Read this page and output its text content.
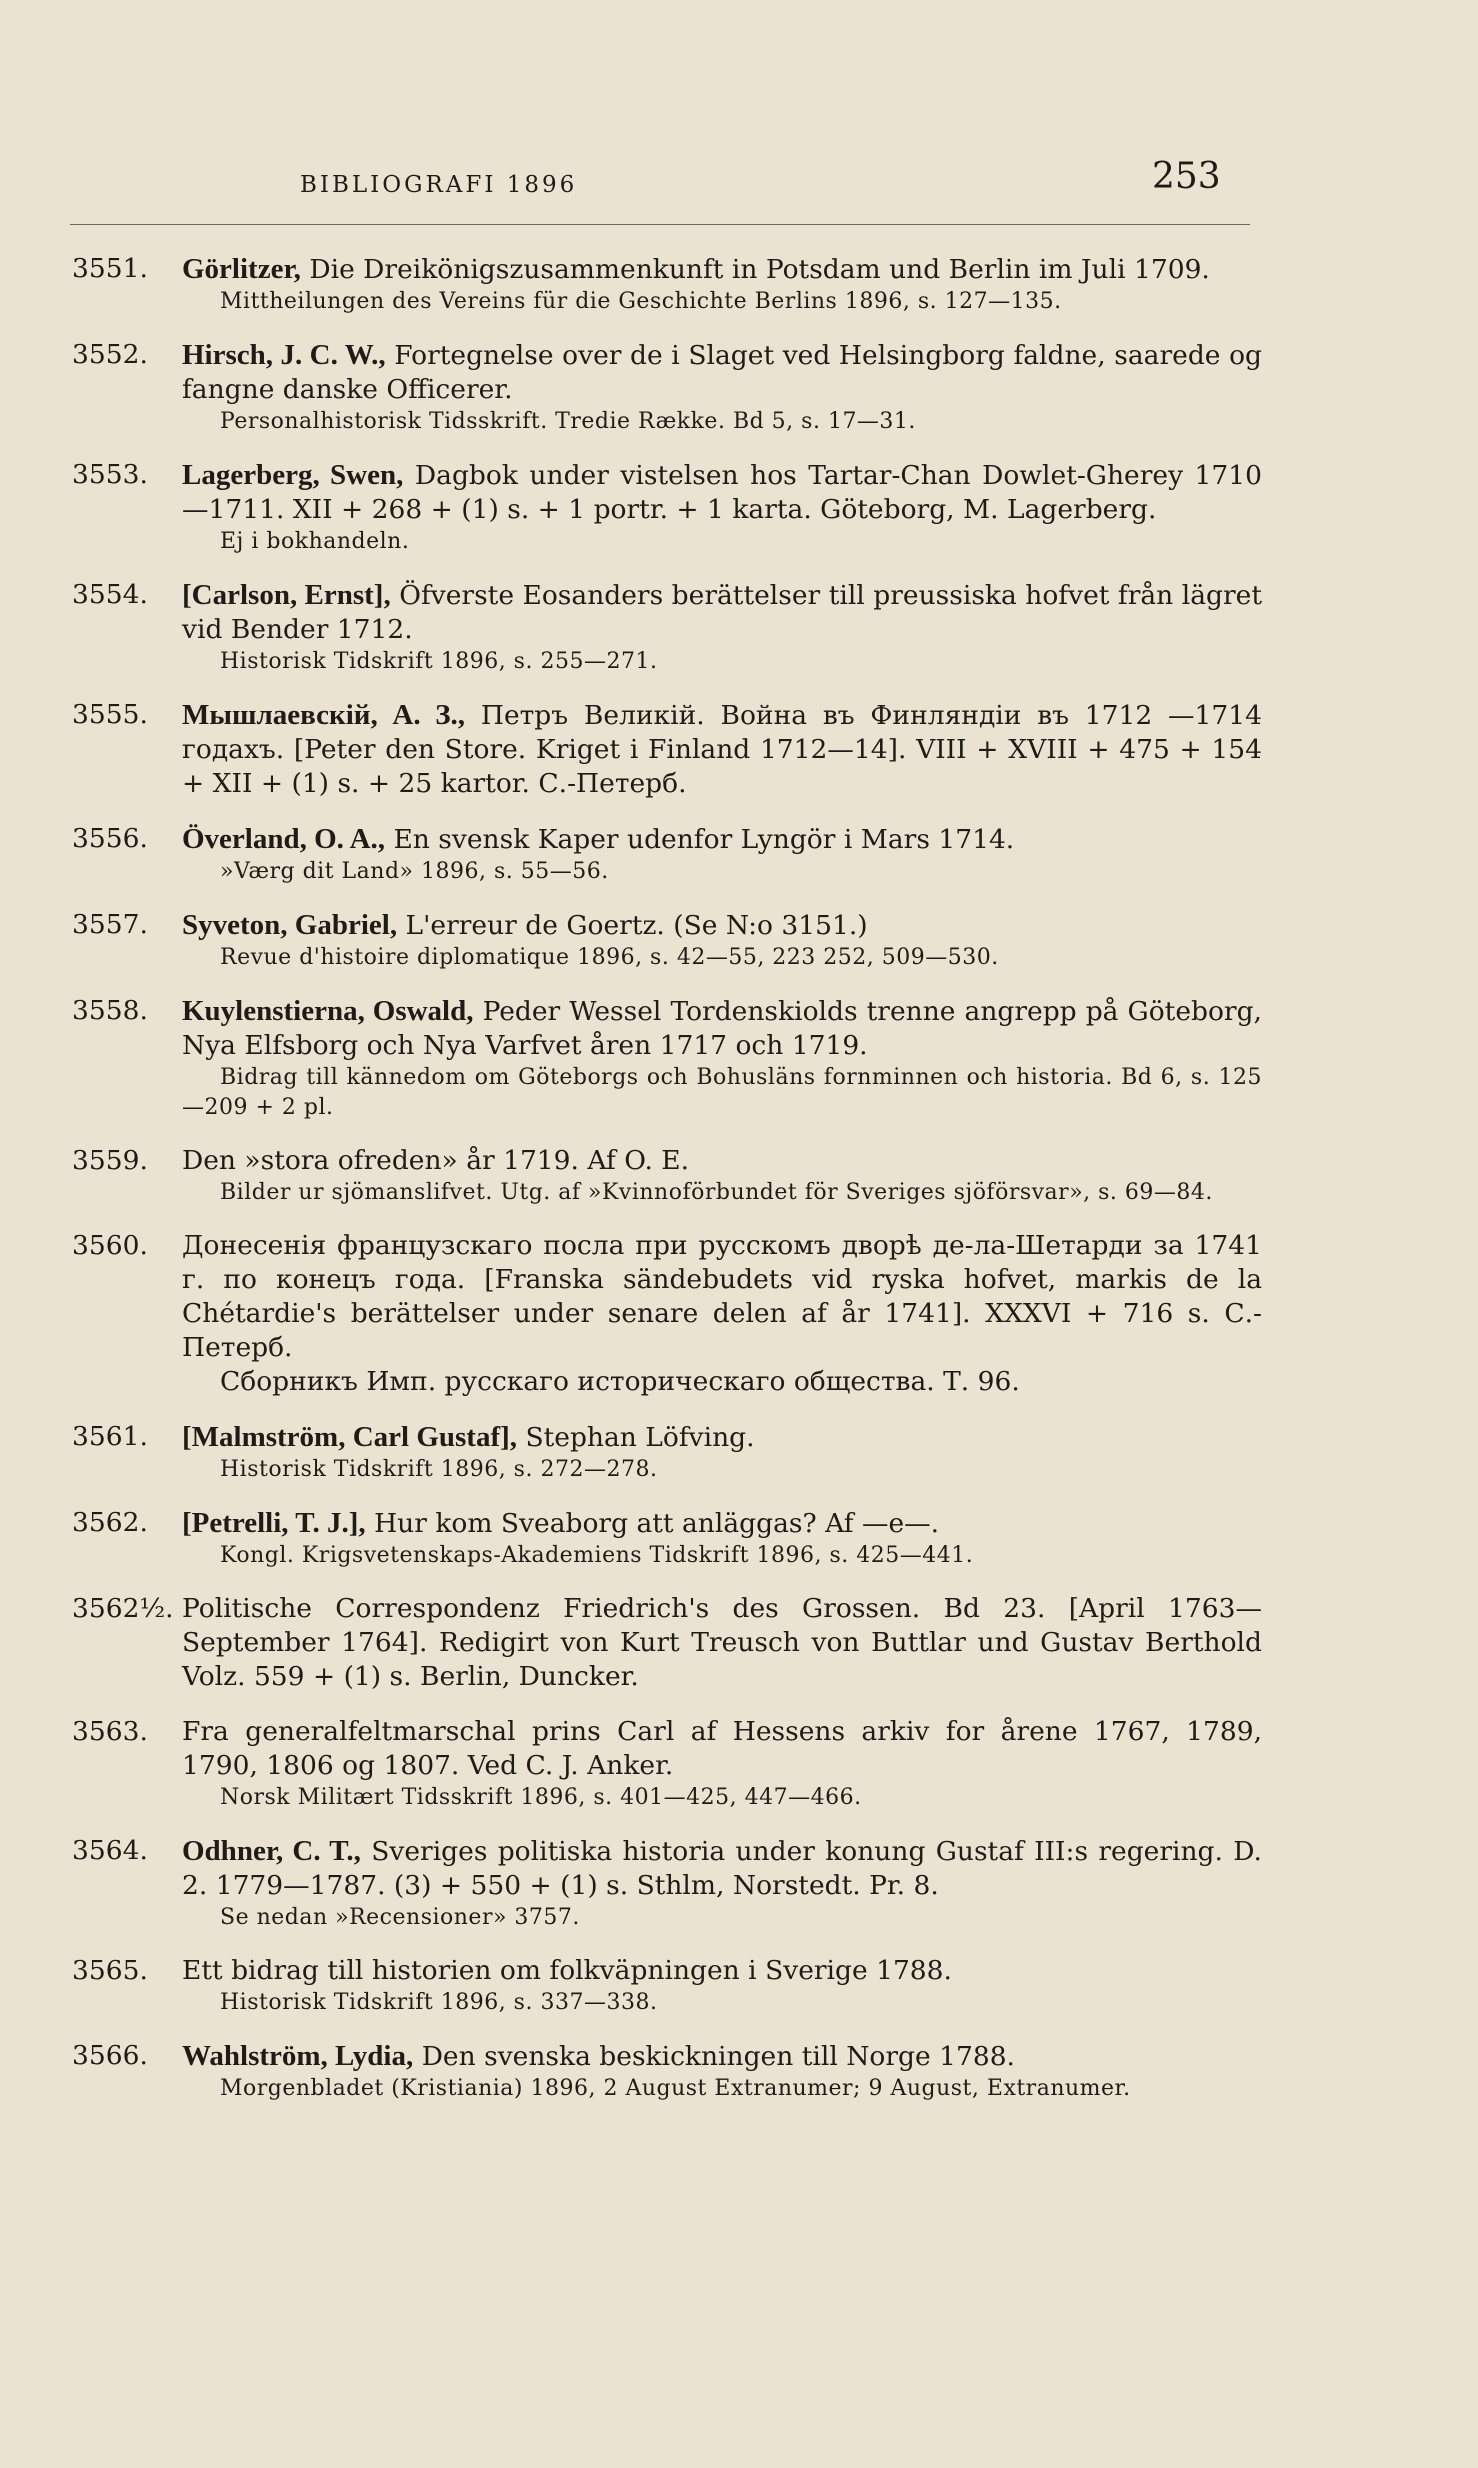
BIBLIOGRAFI 1896	253
3551. Görlitzer, Die Dreikönigszusammenkunft in Potsdam und Berlin im Juli 1709.
Mittheilungen des Vereins für die Geschichte Berlins 1896, s. 127—135.
3552. Hirsch, J. C. W., Fortegnelse over de i Slaget ved Helsingborg faldne, saarede og fangne danske Officerer.
Personalhistorisk Tidsskrift. Tredie Række. Bd 5, s. 17—31.
3553. Lagerberg, Swen, Dagbok under vistelsen hos Tartar-Chan Dowlet-Gherey 1710—1711. XII + 268 + (1) s. + 1 portr. + 1 karta. Göteborg, M. Lagerberg.
Ej i bokhandeln.
3554. [Carlson, Ernst], Öfverste Eosanders berättelser till preussiska hofvet från lägret vid Bender 1712.
Historisk Tidskrift 1896, s. 255—271.
3555. Мышлаевскій, А. З., Петръ Великій. Война въ Финляндіи въ 1712 —1714 годахъ. [Peter den Store. Kriget i Finland 1712—14]. VIII + XVIII + 475 + 154 + XII + (1) s. + 25 kartor. С.-Петерб.
3556. Överland, O. A., En svensk Kaper udenfor Lyngör i Mars 1714.
»Værg dit Land» 1896, s. 55—56.
3557. Syveton, Gabriel, L'erreur de Goertz. (Se N:o 3151.)
Revue d'histoire diplomatique 1896, s. 42—55, 223 252, 509—530.
3558. Kuylenstierna, Oswald, Peder Wessel Tordenskiolds trenne angrepp på Göteborg, Nya Elfsborg och Nya Varfvet åren 1717 och 1719.
Bidrag till kännedom om Göteborgs och Bohusläns fornminnen och historia. Bd 6, s. 125—209 + 2 pl.
3559. Den »stora ofreden» år 1719. Af O. E.
Bilder ur sjömanslifvet. Utg. af »Kvinnoförbundet för Sveriges sjöförsvar», s. 69—84.
3560. Донесенія французскаго посла при русскомъ дворѣ де-ла-Шетарди за 1741 г. по конецъ года. [Franska sändebudets vid ryska hofvet, markis de la Chétardie's berättelser under senare delen af år 1741]. XXXVI + 716 s. С.-Петерб.
Сборникъ Имп. русскаго историческаго общества. Т. 96.
3561. [Malmström, Carl Gustaf], Stephan Löfving.
Historisk Tidskrift 1896, s. 272—278.
3562. [Petrelli, T. J.], Hur kom Sveaborg att anläggas? Af —e—.
Kongl. Krigsvetenskaps-Akademiens Tidskrift 1896, s. 425—441.
3562½. Politische Correspondenz Friedrich's des Grossen. Bd 23. [April 1763—September 1764]. Redigirt von Kurt Treusch von Buttlar und Gustav Berthold Volz. 559 + (1) s. Berlin, Duncker.
3563. Fra generalfeltmarschal prins Carl af Hessens arkiv for årene 1767, 1789, 1790, 1806 og 1807. Ved C. J. Anker.
Norsk Militært Tidsskrift 1896, s. 401—425, 447—466.
3564. Odhner, C. T., Sveriges politiska historia under konung Gustaf III:s regering. D. 2. 1779—1787. (3) + 550 + (1) s. Sthlm, Norstedt. Pr. 8.
Se nedan »Recensioner» 3757.
3565. Ett bidrag till historien om folkväpningen i Sverige 1788.
Historisk Tidskrift 1896, s. 337—338.
3566. Wahlström, Lydia, Den svenska beskickningen till Norge 1788.
Morgenbladet (Kristiania) 1896, 2 August Extranumer; 9 August, Extranumer.
